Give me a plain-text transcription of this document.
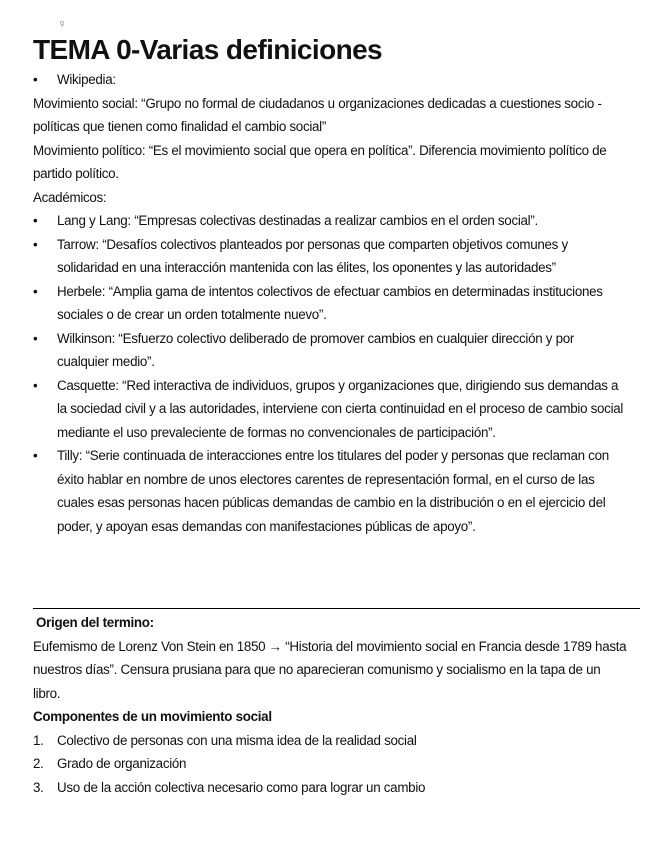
g
TEMA 0-Varias definiciones
• Wikipedia:

Movimiento social: “Grupo no formal de ciudadanos u organizaciones dedicadas a cuestiones socio - políticas que tienen como finalidad el cambio social”

Movimiento político: “Es el movimiento social que opera en política”. Diferencia movimiento político de partido político.

Académicos:

• Lang y Lang: “Empresas colectivas destinadas a realizar cambios en el orden social”.
• Tarrow: “Desafíos colectivos planteados por personas que comparten objetivos comunes y solidaridad en una interacción mantenida con las élites, los oponentes y las autoridades”
• Herbele: “Amplia gama de intentos colectivos de efectuar cambios en determinadas instituciones sociales o de crear un orden totalmente nuevo”.
• Wilkinson: “Esfuerzo colectivo deliberado de promover cambios en cualquier dirección y por cualquier medio”.
• Casquette: “Red interactiva de individuos, grupos y organizaciones que, dirigiendo sus demandas a la sociedad civil y a las autoridades, interviene con cierta continuidad en el proceso de cambio social mediante el uso prevaleciente de formas no convencionales de participación”.
• Tilly: “Serie continuada de interacciones entre los titulares del poder y personas que reclaman con éxito hablar en nombre de unos electores carentes de representación formal, en el curso de las cuales esas personas hacen públicas demandas de cambio en la distribución o en el ejercicio del poder, y apoyan esas demandas con manifestaciones públicas de apoyo”.

Origen del termino:

Eufemismo de Lorenz Von Stein en 1850 → “Historia del movimiento social en Francia desde 1789 hasta nuestros días”. Censura prusiana para que no aparecieran comunismo y socialismo en la tapa de un libro.

Componentes de un movimiento social

1. Colectivo de personas con una misma idea de la realidad social
2. Grado de organización
3. Uso de la acción colectiva necesario como para lograr un cambio
